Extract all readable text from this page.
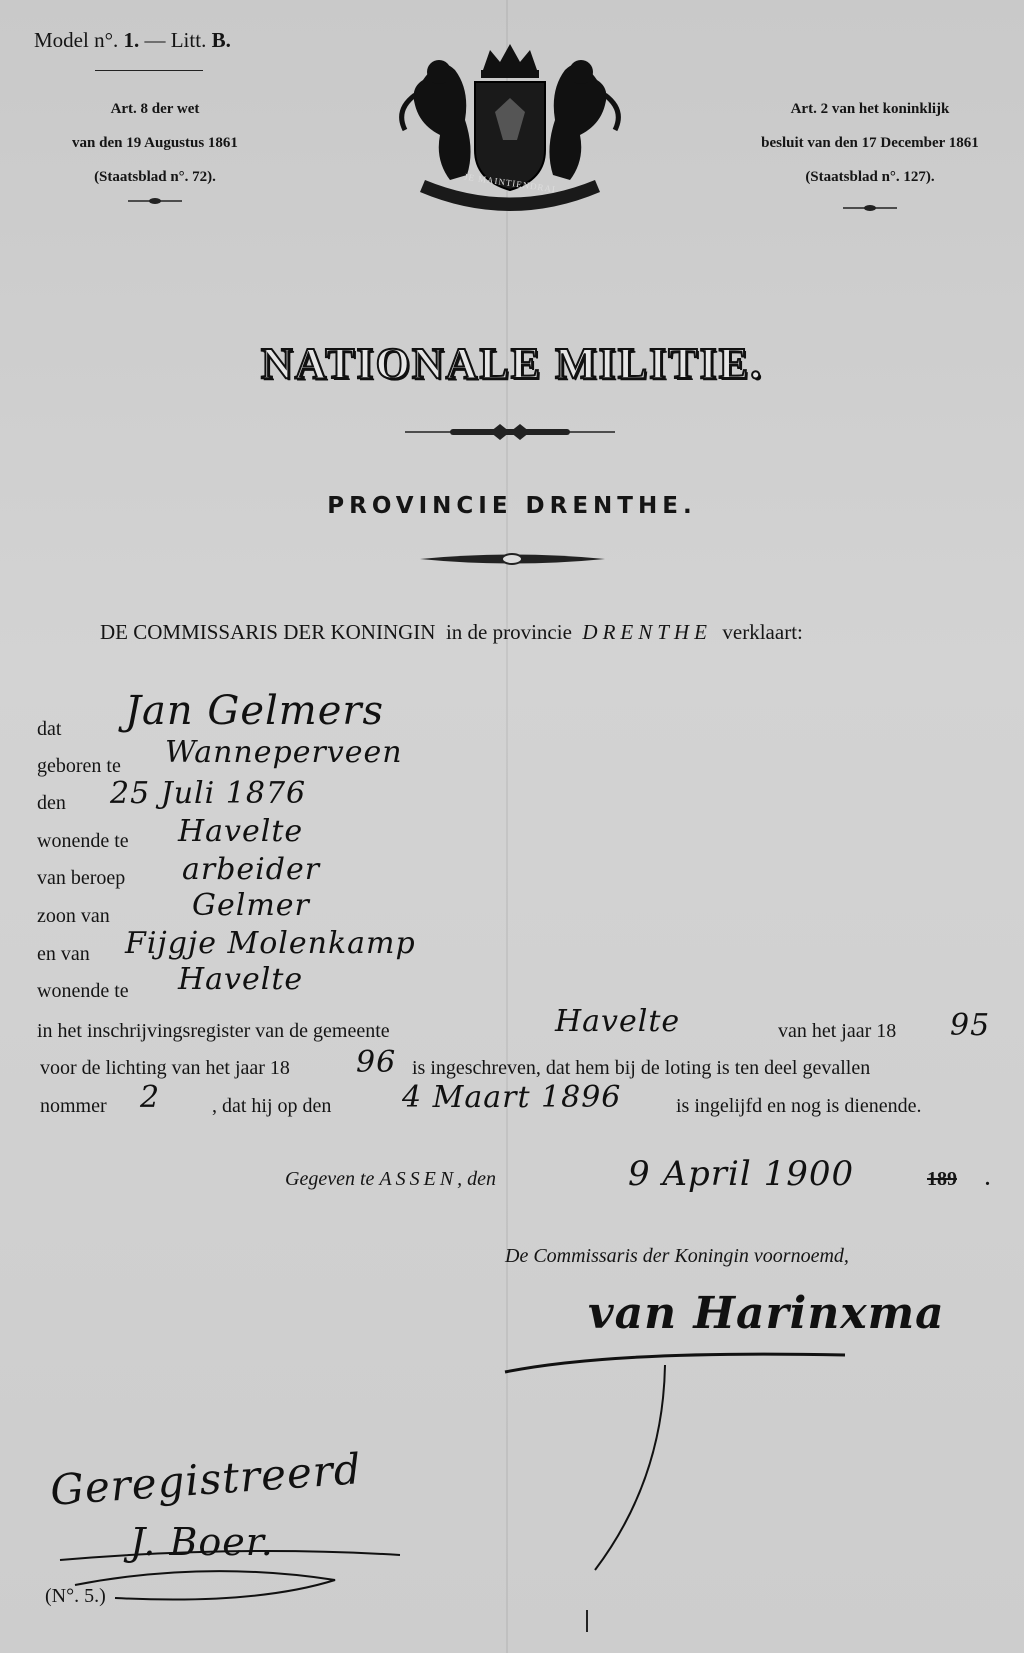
Model n°. 1. — Litt. B.
Art. 8 der wet
van den 19 Augustus 1861
(Staatsblad n°. 72).
Art. 2 van het koninklijk
besluit van den 17 December 1861
(Staatsblad n°. 127).
JE MAINTIENDRAI
NATIONALE MILITIE.
PROVINCIE DRENTHE.
DE COMMISSARIS DER KONINGIN in de provincie DRENTHE verklaart:
dat Jan Gelmers
geboren te Wanneperveen
den 25 Juli 1876
wonende te Havelte
van beroep arbeider
zoon van	Gelmer
en van Fijgje Molenkamp
wonende te Havelte
in het inschrijvingsregister van de gemeente	Havelte	van het jaar 18 95
voor de lichting van het jaar 18 96 is ingeschreven, dat hem bij de loting is ten deel gevallen
nommer 2	, dat hij op den 4 Maart 1896	is ingelijfd en nog is dienende.
Gegeven te ASSEN, den	9 April 1900	189 .
De Commissaris der Koningin voornoemd,
van Harinxma
Geregistreerd
J. Boer.
(N°. 5.)
